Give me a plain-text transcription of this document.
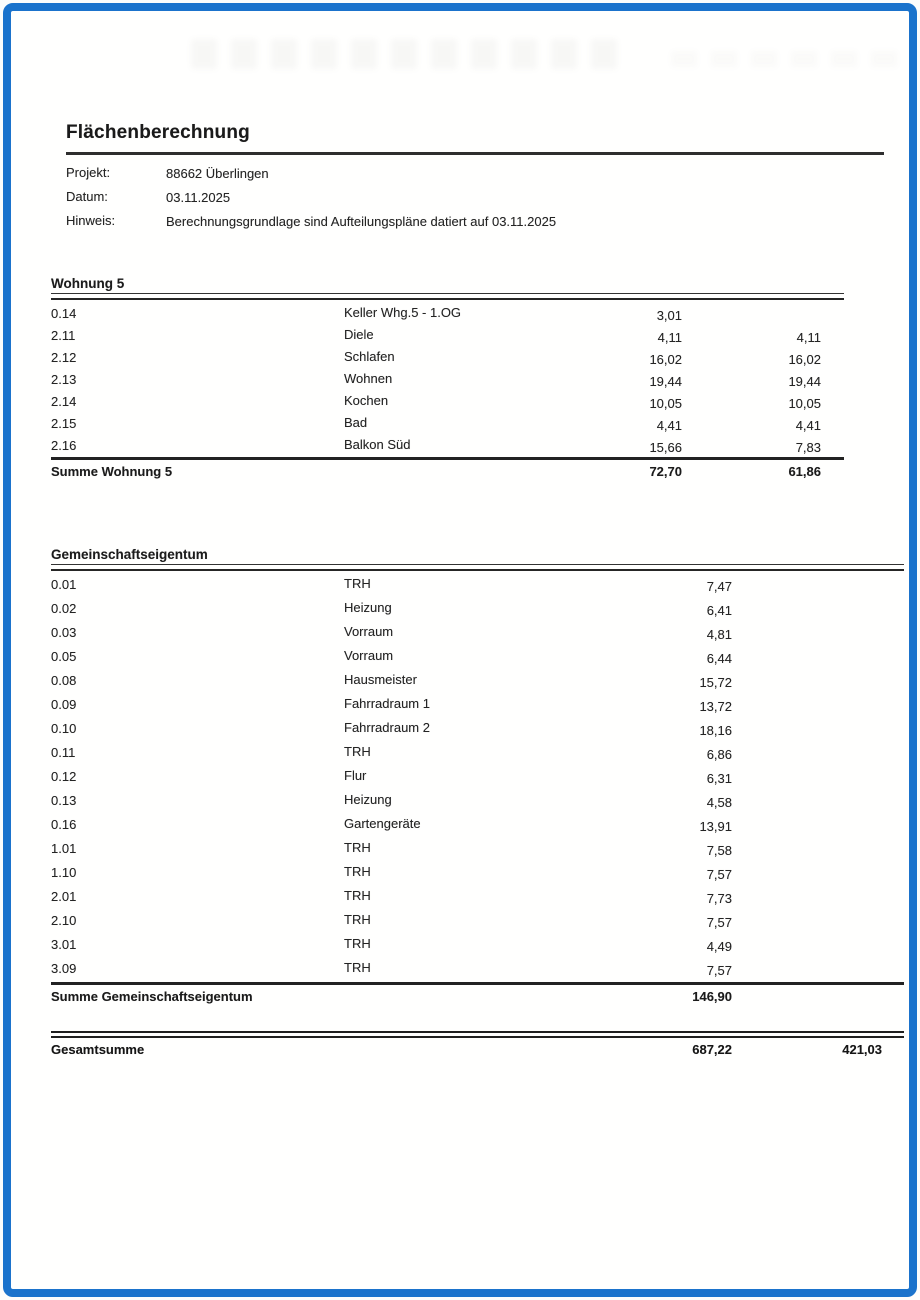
Flächenberechnung
Projekt:	88662 Überlingen
Datum:	03.11.2025
Hinweis:	Berechnungsgrundlage sind Aufteilungspläne datiert auf 03.11.2025
Wohnung 5
0.14	Keller Whg.5 - 1.OG	3,01
2.11	Diele	4,11	4,11
2.12	Schlafen	16,02	16,02
2.13	Wohnen	19,44	19,44
2.14	Kochen	10,05	10,05
2.15	Bad	4,41	4,41
2.16	Balkon Süd	15,66	7,83
Summe Wohnung 5	72,70	61,86
Gemeinschaftseigentum
0.01	TRH	7,47
0.02	Heizung	6,41
0.03	Vorraum	4,81
0.05	Vorraum	6,44
0.08	Hausmeister	15,72
0.09	Fahrradraum 1	13,72
0.10	Fahrradraum 2	18,16
0.11	TRH	6,86
0.12	Flur	6,31
0.13	Heizung	4,58
0.16	Gartengeräte	13,91
1.01	TRH	7,58
1.10	TRH	7,57
2.01	TRH	7,73
2.10	TRH	7,57
3.01	TRH	4,49
3.09	TRH	7,57
Summe Gemeinschaftseigentum	146,90
Gesamtsumme	687,22	421,03
